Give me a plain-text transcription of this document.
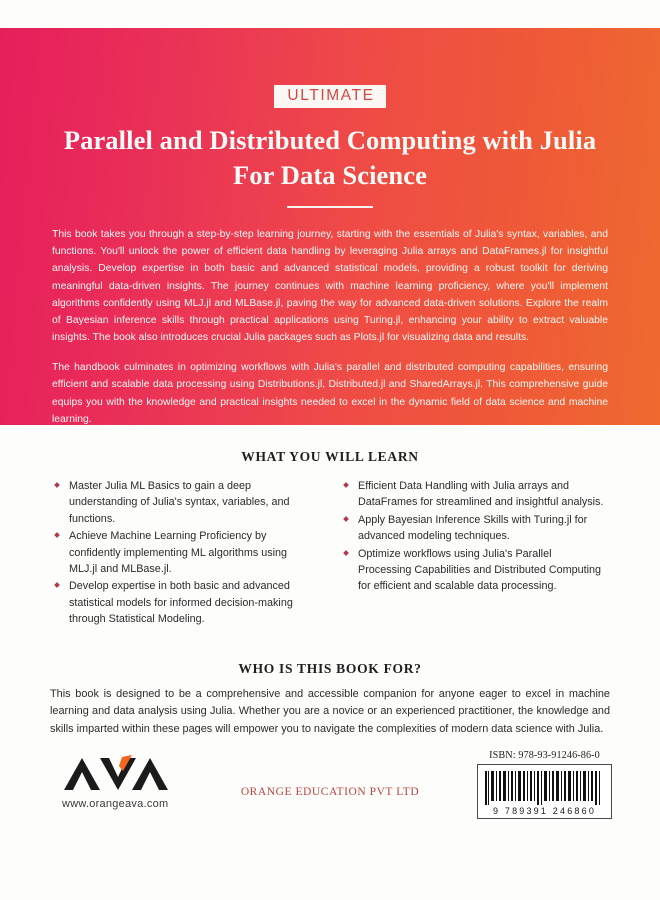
ULTIMATE
Parallel and Distributed Computing with Julia For Data Science

This book takes you through a step-by-step learning journey, starting with the essentials of Julia's syntax, variables, and functions. You'll unlock the power of efficient data handling by leveraging Julia arrays and DataFrames.jl for insightful analysis. Develop expertise in both basic and advanced statistical models, providing a robust toolkit for deriving meaningful data-driven insights. The journey continues with machine learning proficiency, where you'll implement algorithms confidently using MLJ.jl and MLBase.jl, paving the way for advanced data-driven solutions. Explore the realm of Bayesian inference skills through practical applications using Turing.jl, enhancing your ability to extract valuable insights. The book also introduces crucial Julia packages such as Plots.jl for visualizing data and results.

The handbook culminates in optimizing workflows with Julia's parallel and distributed computing capabilities, ensuring efficient and scalable data processing using Distributions.jl, Distributed.jl and SharedArrays.jl. This comprehensive guide equips you with the knowledge and practical insights needed to excel in the dynamic field of data science and machine learning.

WHAT YOU WILL LEARN
Master Julia ML Basics to gain a deep understanding of Julia's syntax, variables, and functions.
Achieve Machine Learning Proficiency by confidently implementing ML algorithms using MLJ.jl and MLBase.jl.
Develop expertise in both basic and advanced statistical models for informed decision-making through Statistical Modeling.
Efficient Data Handling with Julia arrays and DataFrames for streamlined and insightful analysis.
Apply Bayesian Inference Skills with Turing.jl for advanced modeling techniques.
Optimize workflows using Julia's Parallel Processing Capabilities and Distributed Computing for efficient and scalable data processing.
WHO IS THIS BOOK FOR?

This book is designed to be a comprehensive and accessible companion for anyone eager to excel in machine learning and data analysis using Julia. Whether you are a novice or an experienced practitioner, the knowledge and skills imparted within these pages will empower you to navigate the complexities of modern data science with Julia.

www.orangeava.com
ORANGE EDUCATION PVT LTD
ISBN: 978-93-91246-86-0
9 789391 246860
